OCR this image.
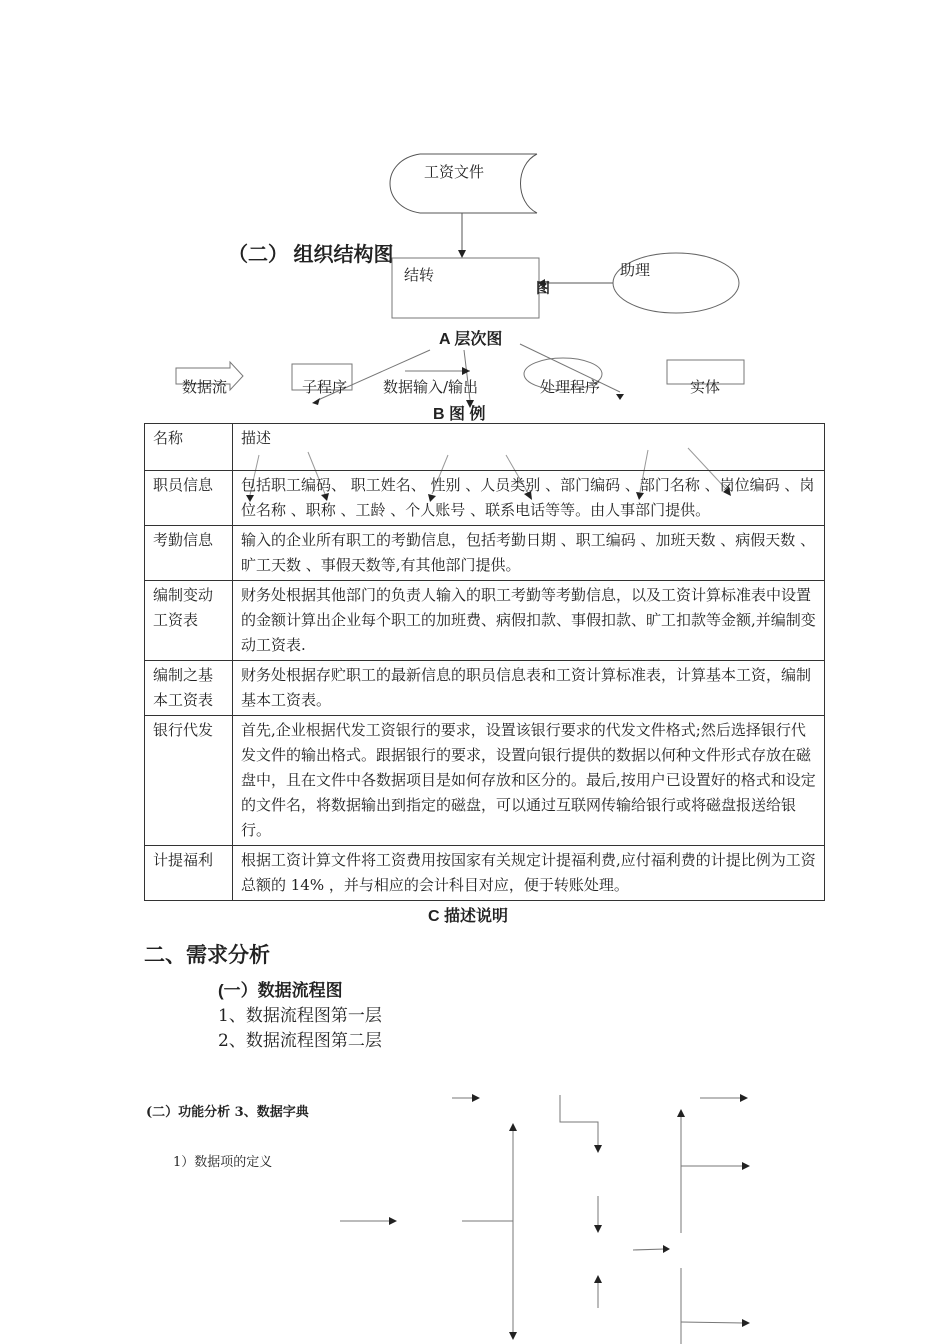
工资文件
（二） 组织结构图
结转
图
助理
A 层次图
数据流	子程序 数据输入/输出	处理程序	实体
B 图 例
名称	描述
职员信息	包括职工编码、 职工姓名、 性别 、人员类别 、部门编码 、部门名称 、岗位编码 、岗位名称 、职称 、工龄 、个人账号 、联系电话等等。由人事部门提供。
考勤信息	输入的企业所有职工的考勤信息，包括考勤日期 、职工编码 、加班天数 、病假天数 、旷工天数 、事假天数等,有其他部门提供。
编制变动工资表	财务处根据其他部门的负责人输入的职工考勤等考勤信息，以及工资计算标准表中设置的金额计算出企业每个职工的加班费、病假扣款、事假扣款、旷工扣款等金额,并编制变动工资表.
编制之基本工资表	财务处根据存贮职工的最新信息的职员信息表和工资计算标准表，计算基本工资，编制基本工资表。
银行代发	首先,企业根据代发工资银行的要求，设置该银行要求的代发文件格式;然后选择银行代发文件的输出格式。跟据银行的要求，设置向银行提供的数据以何种文件形式存放在磁盘中，且在文件中各数据项目是如何存放和区分的。最后,按用户已设置好的格式和设定的文件名，将数据输出到指定的磁盘，可以通过互联网传输给银行或将磁盘报送给银行。
计提福利	根据工资计算文件将工资费用按国家有关规定计提福利费,应付福利费的计提比例为工资总额的 14% ，并与相应的会计科目对应，便于转账处理。
C 描述说明
二、需求分析
(一）数据流程图
1、数据流程图第一层
2、数据流程图第二层
(二）功能分析 3、数据字典
1）数据项的定义
